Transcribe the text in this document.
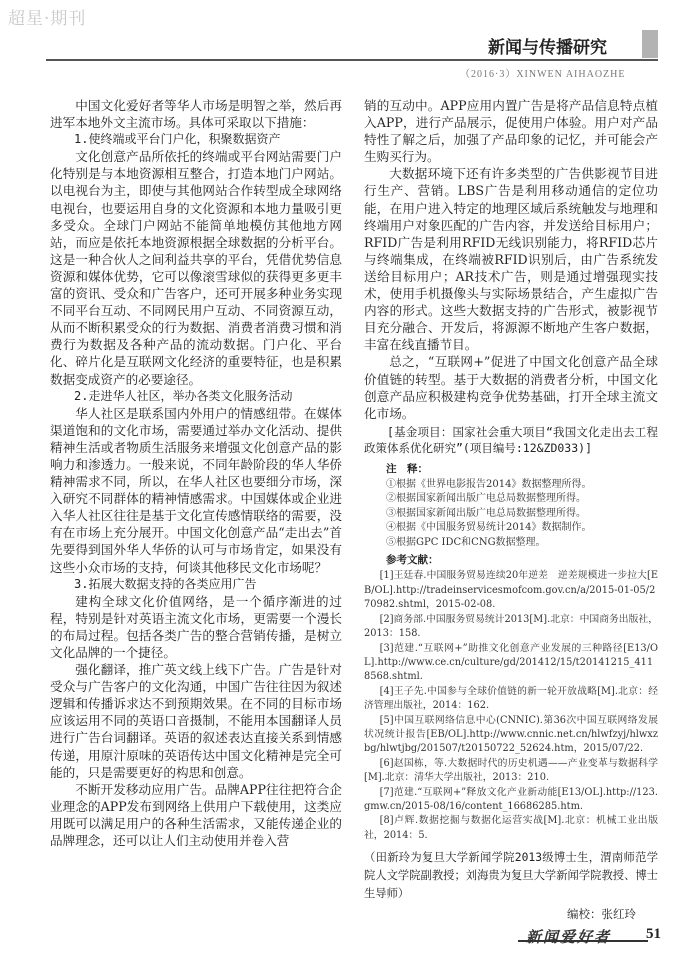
超星·期刊
新闻与传播研究
（2016·3）XINWEN AIHAOZHE

中国文化爱好者等华人市场是明智之举，然后再进军本地外文主流市场。具体可采取以下措施：

1.使终端或平台门户化，积聚数据资产

文化创意产品所依托的终端或平台网站需要门户化特别是与本地资源相互整合，打造本地门户网站。以电视台为主，即使与其他网站合作转型成全球网络电视台，也要运用自身的文化资源和本地力量吸引更多受众。全球门户网站不能简单地模仿其他地方网站，而应是依托本地资源根据全球数据的分析平台。这是一种合伙人之间利益共享的平台，凭借优势信息资源和媒体优势，它可以像滚雪球似的获得更多更丰富的资讯、受众和广告客户，还可开展多种业务实现不同平台互动、不同网民用户互动、不同资源互动，从而不断积累受众的行为数据、消费者消费习惯和消费行为数据及各种产品的流动数据。门户化、平台化、碎片化是互联网文化经济的重要特征，也是积累数据变成资产的必要途径。

2.走进华人社区，举办各类文化服务活动

华人社区是联系国内外用户的情感纽带。在媒体渠道饱和的文化市场，需要通过举办文化活动、提供精神生活或者物质生活服务来增强文化创意产品的影响力和渗透力。一般来说，不同年龄阶段的华人华侨精神需求不同，所以，在华人社区也要细分市场，深入研究不同群体的精神情感需求。中国媒体或企业进入华人社区往往是基于文化宣传感情联络的需要，没有在市场上充分展开。中国文化创意产品“走出去”首先要得到国外华人华侨的认可与市场肯定，如果没有这些小众市场的支持，何谈其他移民文化市场呢？

3.拓展大数据支持的各类应用广告

建构全球文化价值网络，是一个循序渐进的过程，特别是针对英语主流文化市场，更需要一个漫长的布局过程。包括各类广告的整合营销传播，是树立文化品牌的一个捷径。

强化翻译，推广英文线上线下广告。广告是针对受众与广告客户的文化沟通，中国广告往往因为叙述逻辑和传播诉求达不到预期效果。在不同的目标市场应该运用不同的英语口音摄制，不能用本国翻译人员进行广告台词翻译。英语的叙述表达直接关系到情感传递，用原汁原味的英语传达中国文化精神是完全可能的，只是需要更好的构思和创意。

不断开发移动应用广告。品牌APP往往把符合企业理念的APP发布到网络上供用户下载使用，这类应用既可以满足用户的各种生活需求，又能传递企业的品牌理念，还可以让人们主动使用并卷入营

销的互动中。APP应用内置广告是将产品信息特点植入APP，进行产品展示，促使用户体验。用户对产品特性了解之后，加强了产品印象的记忆，并可能会产生购买行为。

大数据环境下还有许多类型的广告供影视节目进行生产、营销。LBS广告是利用移动通信的定位功能，在用户进入特定的地理区域后系统触发与地理和终端用户对象匹配的广告内容，并发送给目标用户；RFID广告是利用RFID无线识别能力，将RFID芯片与终端集成，在终端被RFID识别后，由广告系统发送给目标用户；AR技术广告，则是通过增强现实技术，使用手机摄像头与实际场景结合，产生虚拟广告内容的形式。这些大数据支持的广告形式，被影视节目充分融合、开发后，将源源不断地产生客户数据，丰富在线直播节目。

总之，“互联网+”促进了中国文化创意产品全球价值链的转型。基于大数据的消费者分析，中国文化创意产品应积极建构竞争优势基础，打开全球主流文化市场。

[基金项目：国家社会重大项目“我国文化走出去工程政策体系优化研究”(项目编号:12&ZD033)]

注　释：

①根据《世界电影报告2014》数据整理所得。

②根据国家新闻出版广电总局数据整理所得。

③根据国家新闻出版广电总局数据整理所得。

④根据《中国服务贸易统计2014》数据制作。

⑤根据GPC IDC和CNG数据整理。

参考文献：

[1]王廷春.中国服务贸易连续20年逆差　逆差规模进一步拉大[EB/OL].http://tradeinservicesmofcom.gov.cn/a/2015-01-05/270982.shtml，2015-02-08.

[2]商务部.中国服务贸易统计2013[M].北京：中国商务出版社，2013：158.

[3]范建.“互联网+”助推文化创意产业发展的三种路径[E13/OL].http://www.ce.cn/culture/gd/201412/15/t20141215_4118568.shtml.

[4]王子先.中国参与全球价值链的新一轮开放战略[M].北京：经济管理出版社，2014：162.

[5]中国互联网络信息中心(CNNIC).第36次中国互联网络发展状况统计报告[EB/OL].http://www.cnnic.net.cn/hlwfzyj/hlwxzbg/hlwtjbg/201507/t20150722_52624.htm，2015/07/22.

[6]赵国栋，等.大数据时代的历史机遇——产业变革与数据科学[M].北京：清华大学出版社，2013：210.

[7]范建.“互联网+”释放文化产业新动能[E13/OL].http://123.gmw.cn/2015-08/16/content_16686285.htm.

[8]卢辉.数据挖掘与数据化运营实战[M].北京：机械工业出版社，2014：5.

（田新玲为复旦大学新闻学院2013级博士生，渭南师范学院人文学院副教授；刘海贵为复旦大学新闻学院教授、博士生导师）

编校：张红玲

新闻爱好者 51
